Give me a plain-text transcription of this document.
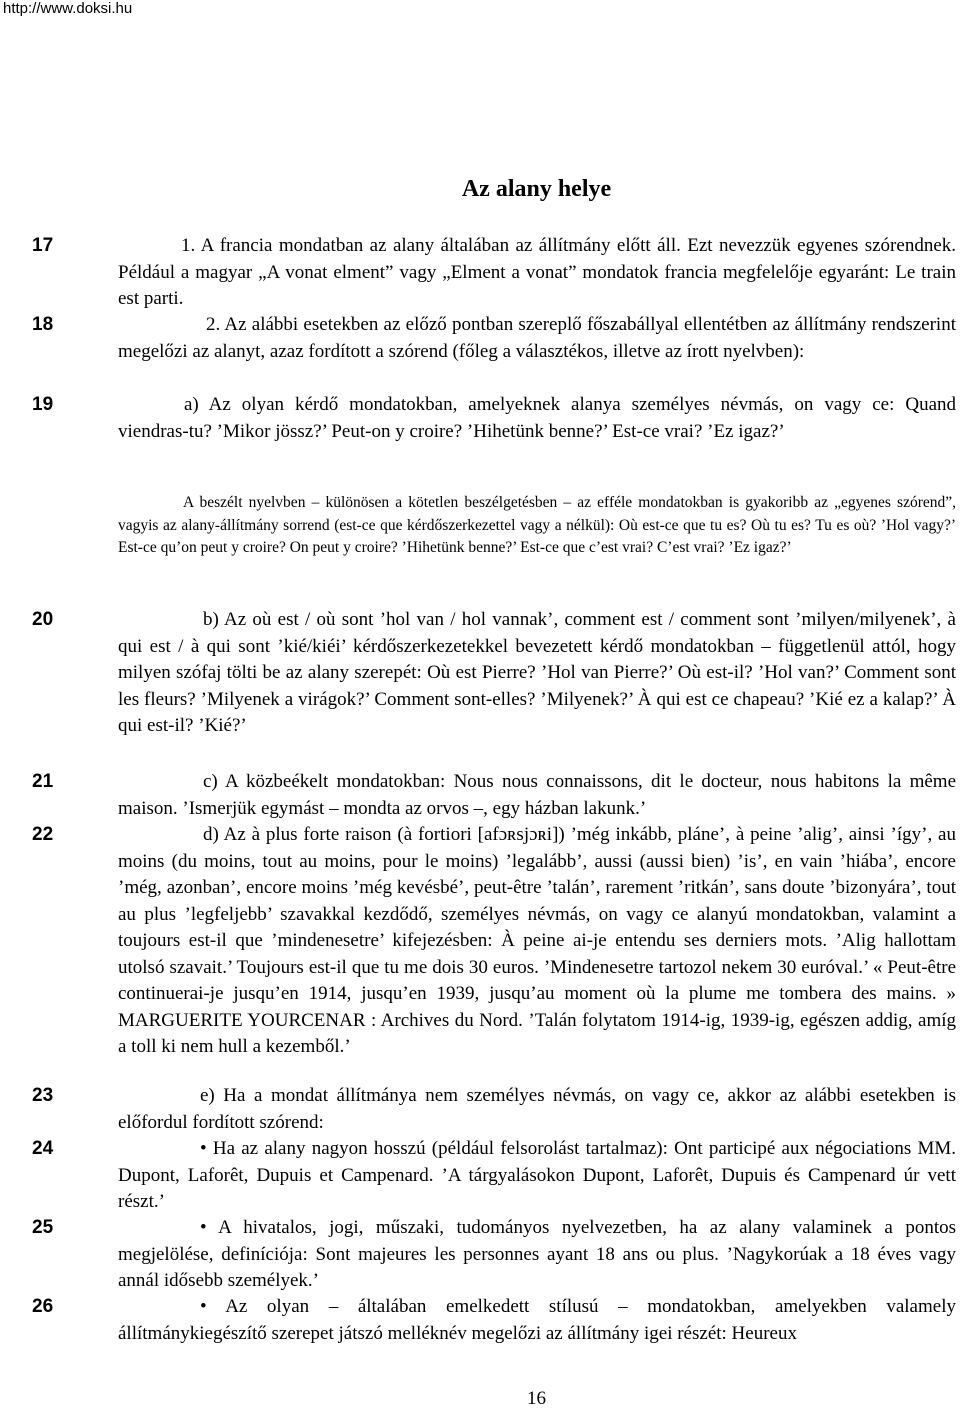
http://www.doksi.hu
Az alany helye
17
18
19
20
21
22
23
24
25
26

1. A francia mondatban az alany általában az állítmány előtt áll. Ezt nevezzük egyenes szórendnek. Például a magyar „A vonat elment” vagy „Elment a vonat” mondatok francia megfelelője egyaránt: Le train est parti.

2. Az alábbi esetekben az előző pontban szereplő főszabállyal ellentétben az állítmány rendszerint megelőzi az alanyt, azaz fordított a szórend (főleg a választékos, illetve az írott nyelvben):

a) Az olyan kérdő mondatokban, amelyeknek alanya személyes névmás, on vagy ce: Quand viendras-tu? ’Mikor jössz?’ Peut-on y croire? ’Hihetünk benne?’ Est-ce vrai? ’Ez igaz?’

A beszélt nyelvben – különösen a kötetlen beszélgetésben – az efféle mondatokban is gyakoribb az „egyenes szórend”, vagyis az alany-állítmány sorrend (est-ce que kérdőszerkezettel vagy a nélkül): Où est-ce que tu es? Où tu es? Tu es où? ’Hol vagy?’ Est-ce qu’on peut y croire? On peut y croire? ’Hihetünk benne?’ Est-ce que c’est vrai? C’est vrai? ’Ez igaz?’

b) Az où est / où sont ’hol van / hol vannak’, comment est / comment sont ’milyen/milyenek’, à qui est / à qui sont ’kié/kiéi’ kérdőszerkezetekkel bevezetett kérdő mondatokban – függetlenül attól, hogy milyen szófaj tölti be az alany szerepét: Où est Pierre? ’Hol van Pierre?’ Où est-il? ’Hol van?’ Comment sont les fleurs? ’Milyenek a virágok?’ Comment sont-elles? ’Milyenek?’ À qui est ce chapeau? ’Kié ez a kalap?’ À qui est-il? ’Kié?’

c) A közbeékelt mondatokban: Nous nous connaissons, dit le docteur, nous habitons la même maison. ’Ismerjük egymást – mondta az orvos –, egy házban lakunk.’

d) Az à plus forte raison (à fortiori [afɔʀsjɔʀi]) ’még inkább, pláne’, à peine ’alig’, ainsi ’így’, au moins (du moins, tout au moins, pour le moins) ’legalább’, aussi (aussi bien) ’is’, en vain ’hiába’, encore ’még, azonban’, encore moins ’még kevésbé’, peut-être ’talán’, rarement ’ritkán’, sans doute ’bizonyára’, tout au plus ’legfeljebb’ szavakkal kezdődő, személyes névmás, on vagy ce alanyú mondatokban, valamint a toujours est-il que ’mindenesetre’ kifejezésben: À peine ai-je entendu ses derniers mots. ’Alig hallottam utolsó szavait.’ Toujours est-il que tu me dois 30 euros. ’Mindenesetre tartozol nekem 30 euróval.’ « Peut-être continuerai-je jusqu’en 1914, jusqu’en 1939, jusqu’au moment où la plume me tombera des mains. » MARGUERITE YOURCENAR : Archives du Nord. ’Talán folytatom 1914-ig, 1939-ig, egészen addig, amíg a toll ki nem hull a kezemből.’

e) Ha a mondat állítmánya nem személyes névmás, on vagy ce, akkor az alábbi esetekben is előfordul fordított szórend:

• Ha az alany nagyon hosszú (például felsorolást tartalmaz): Ont participé aux négociations MM. Dupont, Laforêt, Dupuis et Campenard. ’A tárgyalásokon Dupont, Laforêt, Dupuis és Campenard úr vett részt.’

• A hivatalos, jogi, műszaki, tudományos nyelvezetben, ha az alany valaminek a pontos megjelölése, definíciója: Sont majeures les personnes ayant 18 ans ou plus. ’Nagykorúak a 18 éves vagy annál idősebb személyek.’

• Az olyan – általában emelkedett stílusú – mondatokban, amelyekben valamely állítmánykiegészítő szerepet játszó melléknév megelőzi az állítmány igei részét: Heureux

16
